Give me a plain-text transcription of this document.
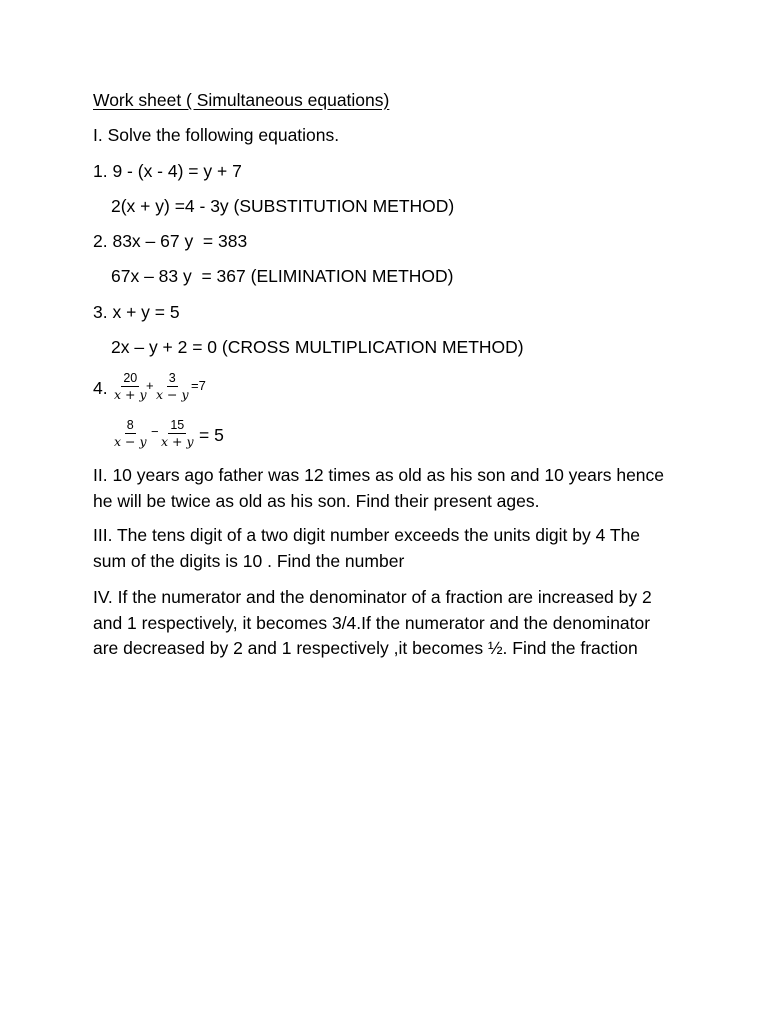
Work sheet ( Simultaneous equations)
I. Solve the following equations.
1. 9 - (x - 4) = y + 7
2(x + y) =4 - 3y (SUBSTITUTION METHOD)
2. 83x – 67 y  = 383
67x – 83 y  = 367 (ELIMINATION METHOD)
3. x + y = 5
2x – y + 2 = 0 (CROSS MULTIPLICATION METHOD)
4. $\frac{20}{x + y} + \frac{3}{x - y} =7$
$\frac{8}{x - y} - \frac{15}{x + y} = 5$
II. 10 years ago father was 12 times as old as his son and 10 years hence he will be twice as old as his son. Find their present ages.
III. The tens digit of a two digit number exceeds the units digit by 4 The sum of the digits is 10 . Find the number
IV. If the numerator and the denominator of a fraction are increased by 2 and 1 respectively, it becomes 3/4.If the numerator and the denominator are decreased by 2 and 1 respectively ,it becomes ½. Find the fraction
